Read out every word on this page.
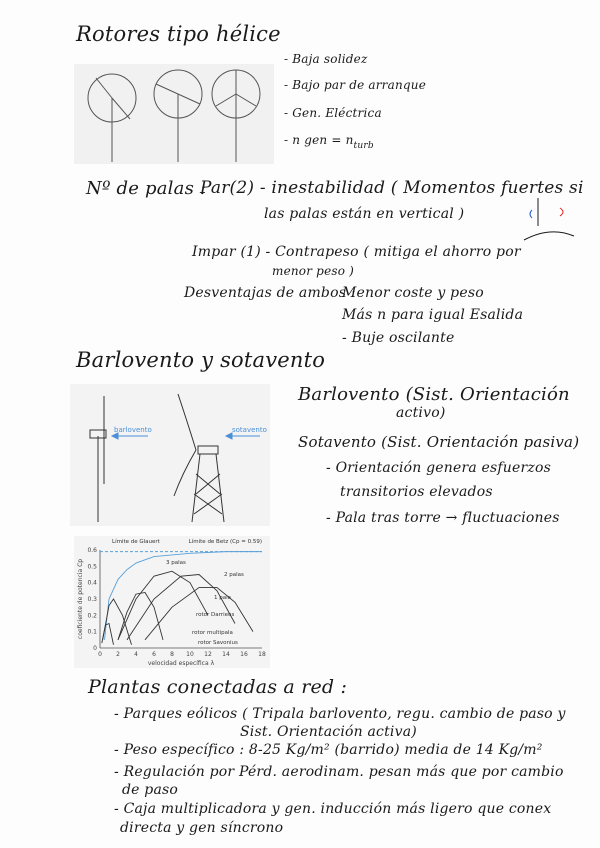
Rotores tipo hélice
- Baja solidez
- Bajo par de arranque
- Gen. Eléctrica
- n gen = $n_{turb}$
Nº de palas :
Par(2) - inestabilidad ( Momentos fuertes si
las palas están en vertical )
Impar (1) - Contrapeso ( mitiga el ahorro por
menor peso )
Desventajas de ambos :
Menor coste y peso
Más n para igual Esalida
- Buje oscilante
Barlovento y sotavento
barlovento	sotavento
Barlovento (Sist. Orientación
activo)
Sotavento (Sist. Orientación pasiva)
- Orientación genera esfuerzos
transitorios elevados
- Pala tras torre → fluctuaciones
0 2 4 6 8 10 12 14 16 18
0
0.1
0.2
0.3
0.4
0.5
0.6
velocidad específica λ
coeficiente de potencia Cp
Límite de Glauert	Límite de Betz (Cp = 0.59)
3 palas
2 palas
1 pala
rotor Darrieus
rotor multipala
rotor Savonius
Plantas conectadas a red :
- Parques eólicos ( Tripala barlovento, regu. cambio de paso y
Sist. Orientación activa)
- Peso específico : 8-25 Kg/m² (barrido) media de 14 Kg/m²
- Regulación por Pérd. aerodinam. pesan más que por cambio
de paso
- Caja multiplicadora y gen. inducción más ligero que conex
directa y gen síncrono
